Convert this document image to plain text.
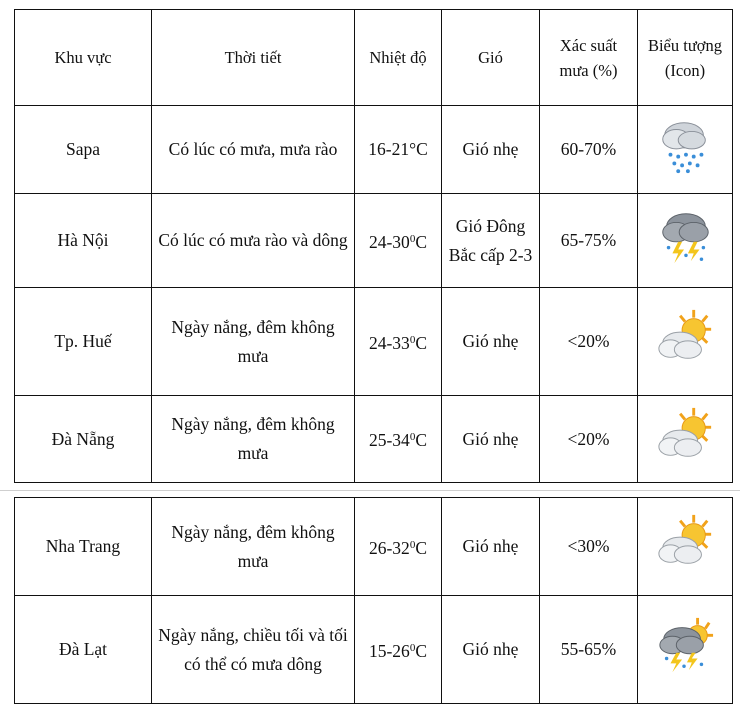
Khu vực	Thời tiết	Nhiệt độ	Gió	Xác suất mưa (%)	Biểu tượng (Icon)
Sapa	Có lúc có mưa, mưa rào	16-21°C	Gió nhẹ	60-70%	
Hà Nội	Có lúc có mưa rào và dông	$24-30^0C$	Gió Đông Bắc cấp 2-3	65-75%	
Tp. Huế	Ngày nắng, đêm không mưa	$24-33^0C$	Gió nhẹ	<20%	
Đà Nẵng	Ngày nắng, đêm không mưa	$25-34^0C$	Gió nhẹ	<20%	
Nha Trang	Ngày nắng, đêm không mưa	$26-32^0C$	Gió nhẹ	<30%	
Đà Lạt	Ngày nắng, chiều tối và tối có thể có mưa dông	$15-26^0C$	Gió nhẹ	55-65%	
